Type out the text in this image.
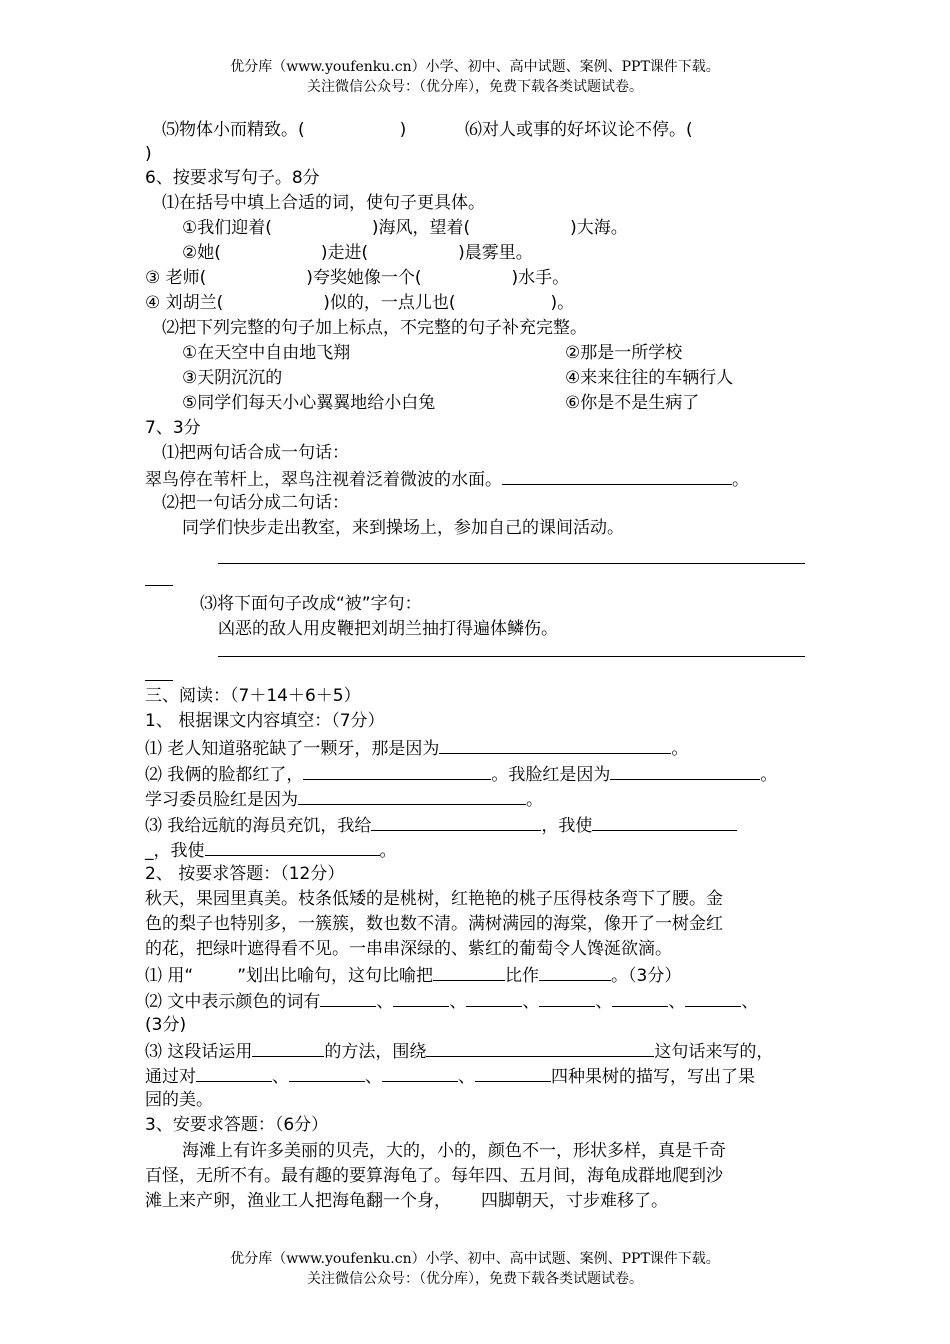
优分库（www.youfenku.cn）小学、初中、高中试题、案例、PPT课件下载。
关注微信公众号：（优分库），免费下载各类试题试卷。
⑸物体小而精致。(	)	⑹对人或事的好坏议论不停。(
)
6、按要求写句子。8分
⑴在括号中填上合适的词，使句子更具体。
①我们迎着(	)海风，望着(	)大海。
②她(	)走进(	)晨雾里。
③ 老师(	)夸奖她像一个(	)水手。
④ 刘胡兰(	)似的，一点儿也(	)。
⑵把下列完整的句子加上标点，不完整的句子补充完整。
①在天空中自由地飞翔	②那是一所学校
③天阴沉沉的	④来来往往的车辆行人
⑤同学们每天小心翼翼地给小白兔	⑥你是不是生病了
7、3分
⑴把两句话合成一句话：
翠鸟停在苇杆上，翠鸟注视着泛着微波的水面。	。
⑵把一句话分成二句话：
同学们快步走出教室，来到操场上，参加自己的课间活动。
⑶将下面句子改成“被”字句：
凶恶的敌人用皮鞭把刘胡兰抽打得遍体鳞伤。
三、阅读：（7＋14＋6＋5）
1、 根据课文内容填空：（7分）
⑴ 老人知道骆驼缺了一颗牙，那是因为	。
⑵ 我俩的脸都红了，	。我脸红是因为	。
学习委员脸红是因为	。
⑶ 我给远航的海员充饥，我给	，我使
_，我使	。
2、 按要求答题：（12分）
秋天，果园里真美。枝条低矮的是桃树，红艳艳的桃子压得枝条弯下了腰。金
色的梨子也特别多，一簇簇，数也数不清。满树满园的海棠，像开了一树金红
的花，把绿叶遮得看不见。一串串深绿的、紫红的葡萄令人馋涎欲滴。
⑴ 用“	”划出比喻句，这句比喻把	比作	。（3分）
⑵ 文中表示颜色的词有	、	、	、	、	、	、
(3分)
⑶ 这段话运用	的方法，围绕	这句话来写的，
通过对	、	、	、	四种果树的描写，写出了果
园的美。
3、安要求答题：（6分）
海滩上有许多美丽的贝壳，大的，小的，颜色不一，形状多样，真是千奇
百怪，无所不有。最有趣的要算海龟了。每年四、五月间，海龟成群地爬到沙
滩上来产卵，渔业工人把海龟翻一个身， 四脚朝天，寸步难移了。
优分库（www.youfenku.cn）小学、初中、高中试题、案例、PPT课件下载。
关注微信公众号：（优分库），免费下载各类试题试卷。
